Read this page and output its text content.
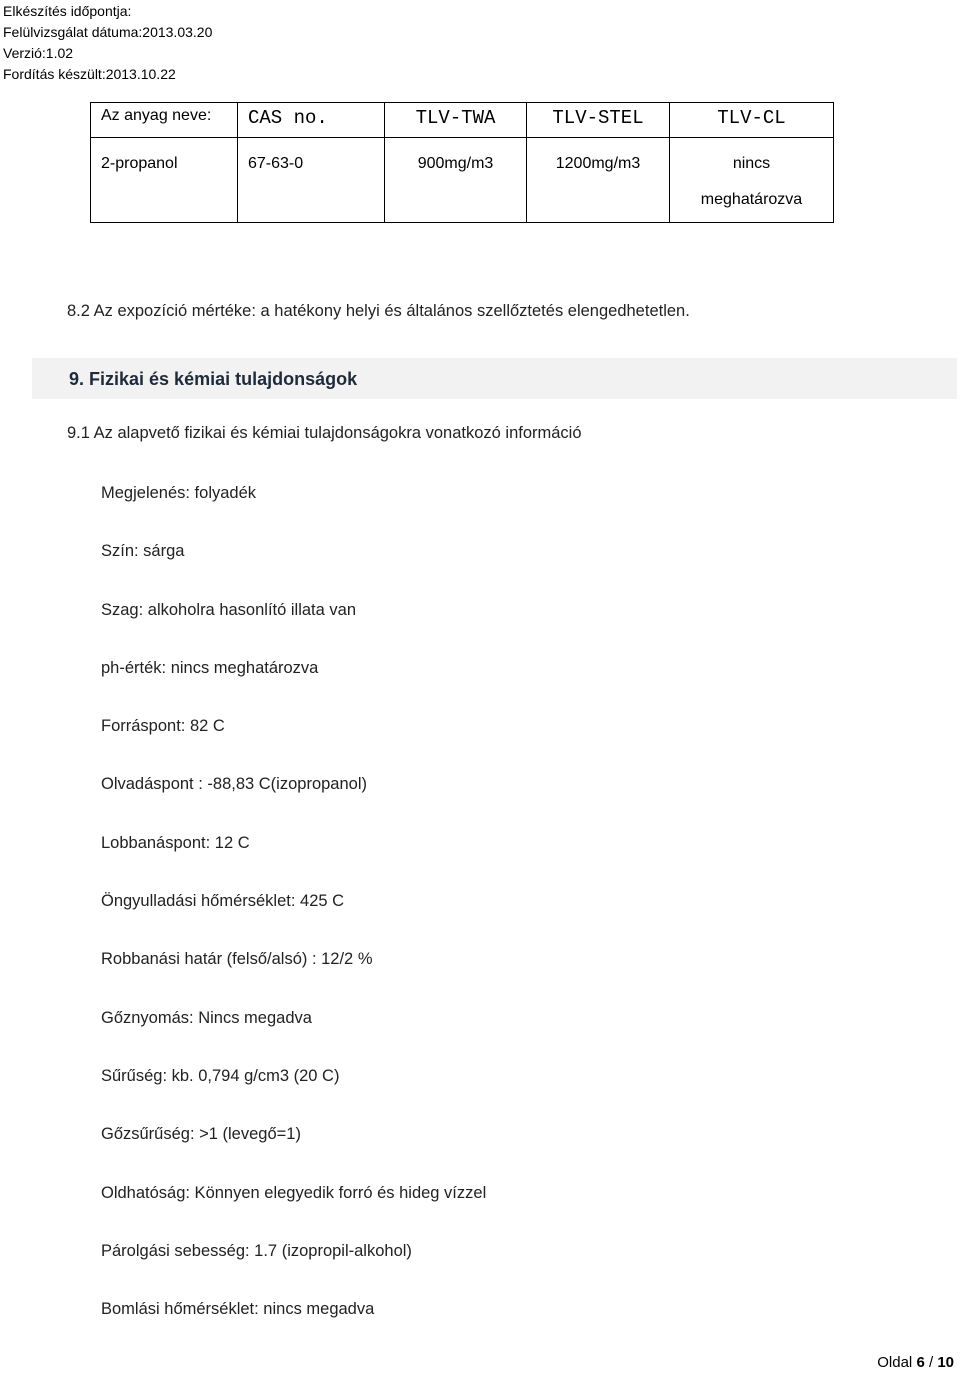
Elkészítés időpontja:
Felülvizsgálat dátuma:2013.03.20
Verzió:1.02
Fordítás készült:2013.10.22
Az anyag neve:	CAS no.	TLV-TWA	TLV-STEL	TLV-CL
2-propanol	67-63-0	900mg/m3	1200mg/m3	nincs
meghatározva
8.2 Az expozíció mértéke: a hatékony helyi és általános szellőztetés elengedhetetlen.
9. Fizikai és kémiai tulajdonságok
9.1 Az alapvető fizikai és kémiai tulajdonságokra vonatkozó információ
Megjelenés: folyadék
Szín: sárga
Szag: alkoholra hasonlító illata van
ph-érték: nincs meghatározva
Forráspont: 82 C
Olvadáspont : -88,83 C(izopropanol)
Lobbanáspont: 12 C
Öngyulladási hőmérséklet: 425 C
Robbanási határ (felső/alsó) : 12/2 %
Gőznyomás: Nincs megadva
Sűrűség: kb. 0,794 g/cm3 (20 C)
Gőzsűrűség: >1 (levegő=1)
Oldhatóság: Könnyen elegyedik forró és hideg vízzel
Párolgási sebesség: 1.7 (izopropil-alkohol)
Bomlási hőmérséklet: nincs megadva
Oldal 6 / 10
